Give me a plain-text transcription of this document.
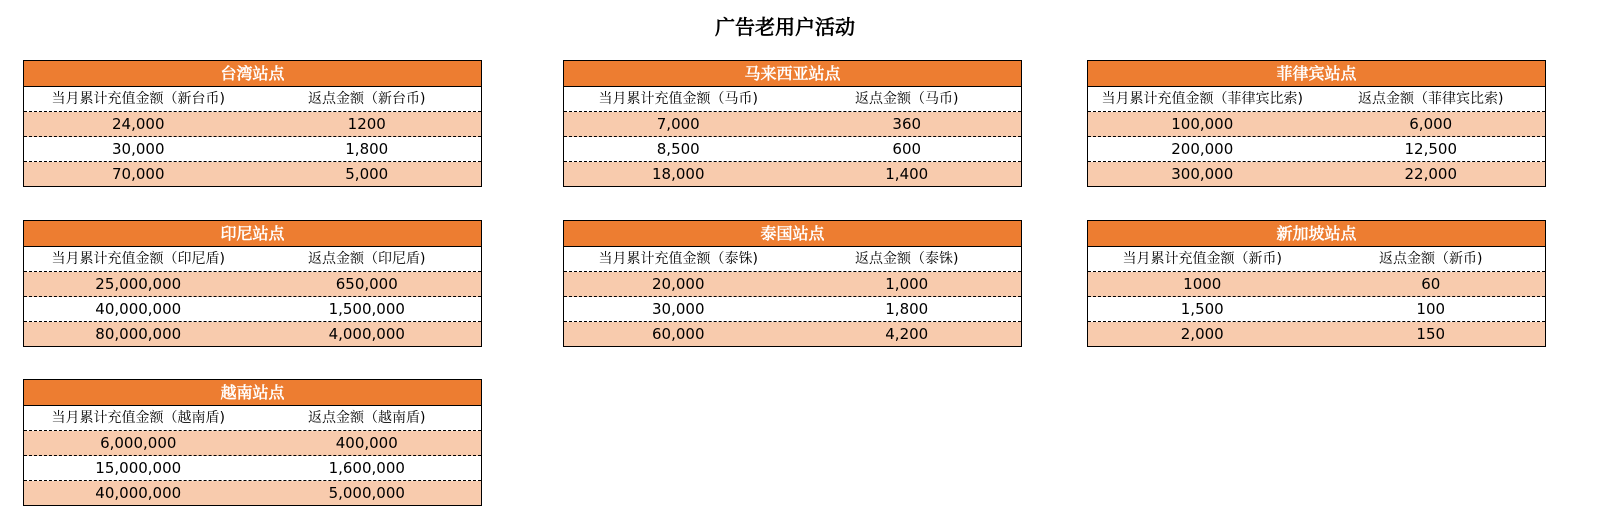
广告老用户活动
台湾站点
当月累计充值金额（新台币)	返点金额（新台币)
24,000	1200
30,000	1,800
70,000	5,000
马来西亚站点
当月累计充值金额（马币)	返点金额（马币)
7,000	360
8,500	600
18,000	1,400
菲律宾站点
当月累计充值金额（菲律宾比索)	返点金额（菲律宾比索)
100,000	6,000
200,000	12,500
300,000	22,000
印尼站点
当月累计充值金额（印尼盾)	返点金额（印尼盾)
25,000,000	650,000
40,000,000	1,500,000
80,000,000	4,000,000
泰国站点
当月累计充值金额（泰铢)	返点金额（泰铢)
20,000	1,000
30,000	1,800
60,000	4,200
新加坡站点
当月累计充值金额（新币)	返点金额（新币)
1000	60
1,500	100
2,000	150
越南站点
当月累计充值金额（越南盾)	返点金额（越南盾)
6,000,000	400,000
15,000,000	1,600,000
40,000,000	5,000,000
